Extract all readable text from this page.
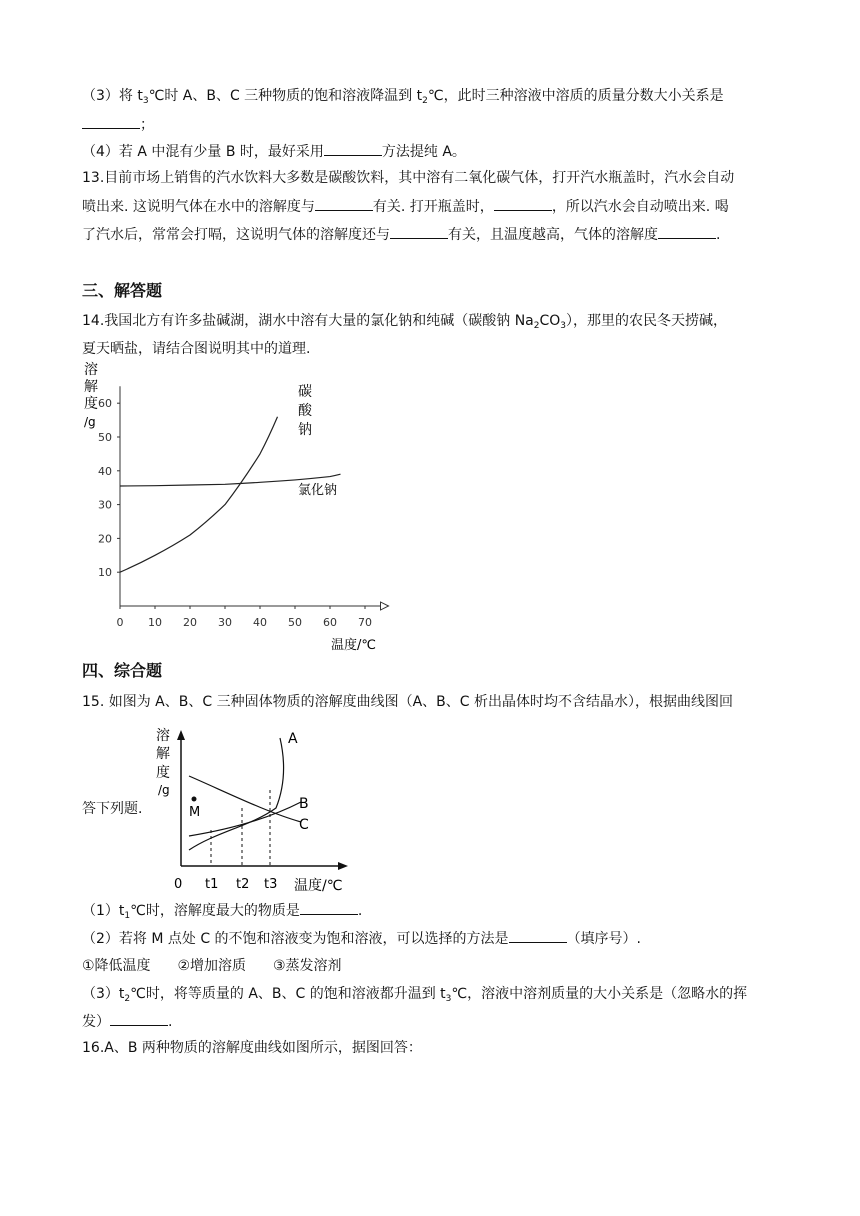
（3）将 $t_3℃$时 A、B、C 三种物质的饱和溶液降温到 $t_2℃$，此时三种溶液中溶质的质量分数大小关系是
；
（4）若 A 中混有少量 B 时，最好采用	方法提纯 A。
13.目前市场上销售的汽水饮料大多数是碳酸饮料，其中溶有二氧化碳气体，打开汽水瓶盖时，汽水会自动
喷出来. 这说明气体在水中的溶解度与	有关. 打开瓶盖时，	，所以汽水会自动喷出来. 喝
了汽水后，常常会打嗝，这说明气体的溶解度还与	有关，且温度越高，气体的溶解度	.
三、解答题
14.我国北方有许多盐碱湖，湖水中溶有大量的氯化钠和纯碱（碳酸钠 $Na_2CO_3$），那里的农民冬天捞碱，
夏天晒盐，请结合图说明其中的道理.
溶
解
度
/g
0 10 20 30 40 50 60 70
10
20
30
40
50
60
碳
酸
钠
氯化钠
温度/℃
四、综合题
15. 如图为 A、B、C 三种固体物质的溶解度曲线图（A、B、C 析出晶体时均不含结晶水），根据曲线图回
溶
解
度
/g
M
A
B
C
0 t1 t2 t3 温度/℃
答下列题.
$(1)t_1℃$时，溶解度最大的物质是	.
（2）若将 M 点处 C 的不饱和溶液变为饱和溶液，可以选择的方法是	（填序号）.
①降低温度 ②增加溶质 ③蒸发溶剂
$(3)t_2℃$时，将等质量的 A、B、C 的饱和溶液都升温到 $t_3℃$，溶液中溶剂质量的大小关系是（忽略水的挥
发）	.
16.A、B 两种物质的溶解度曲线如图所示，据图回答：
